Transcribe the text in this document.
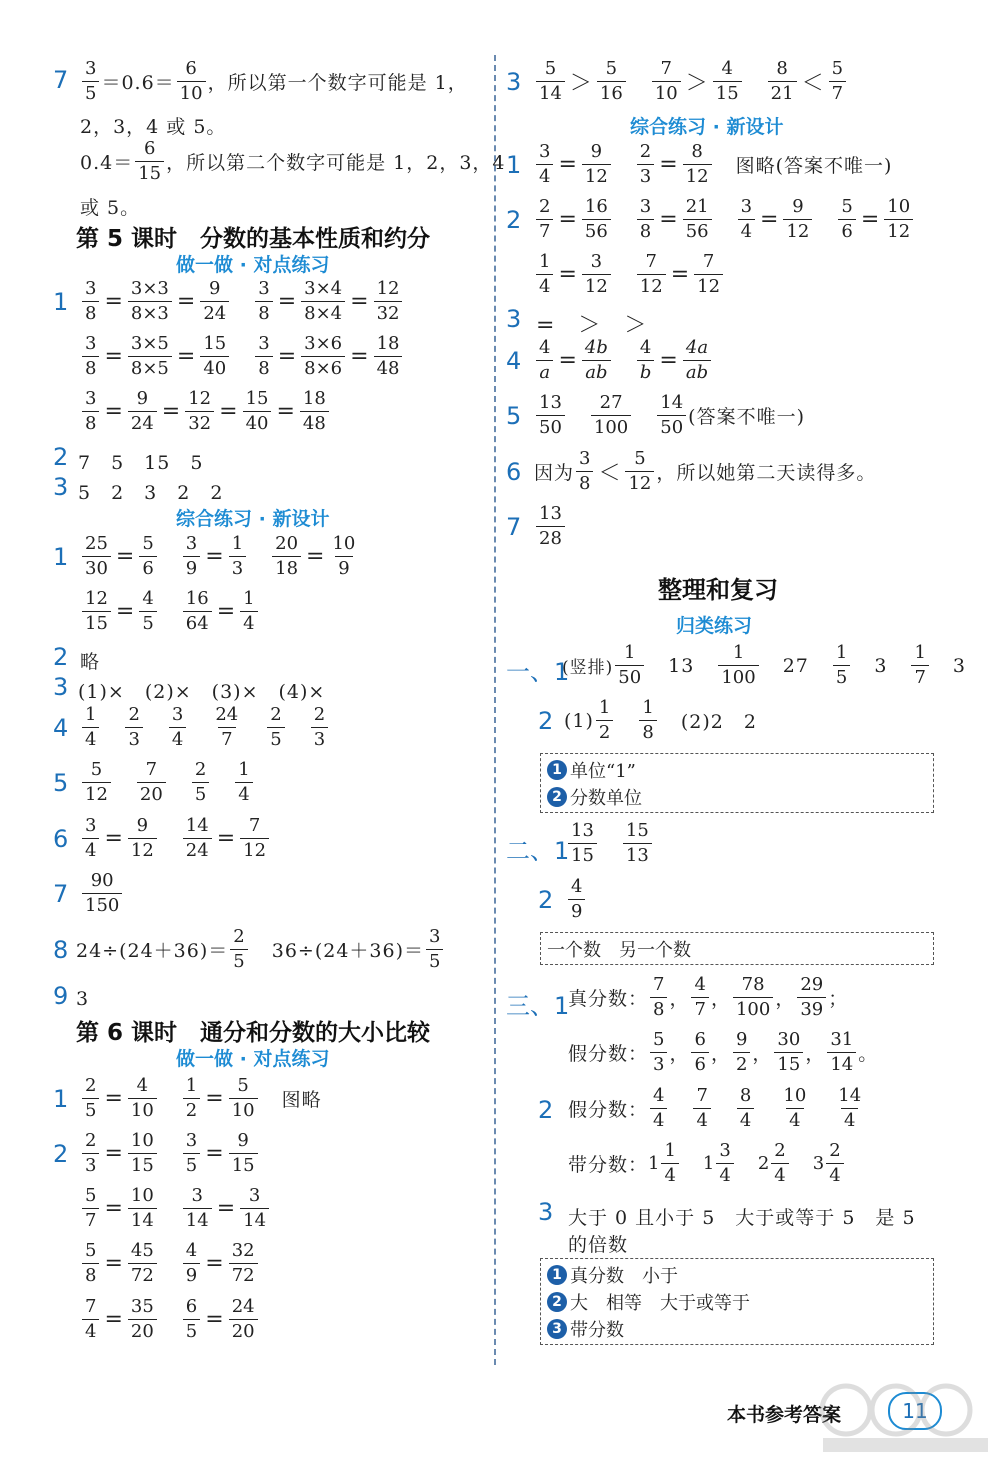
$7 \frac{3}{5} =0.6= \frac{6}{10}$ ，所以第一个数字可能是 1，
2，3，4 或 5。
$0.4= \frac{6}{15}$ ，所以第二个数字可能是 1，2，3，4
或 5。
第 5 课时　分数的基本性质和约分
做一做 · 对点练习
$1 \frac{3}{8} = \frac{3\times 3}{8\times 3} = \frac{9}{24} \frac{3}{8} = \frac{3\times 4}{8\times 4} = \frac{12}{32}$
$\frac{3}{8} = \frac{3\times 5}{8\times 5} = \frac{15}{40} \frac{3}{8} = \frac{3\times 6}{8\times 6} = \frac{18}{48}$
$\frac{3}{8} = \frac{9}{24} = \frac{12}{32} = \frac{15}{40} = \frac{18}{48}$
2 7　5　15　5
3 5　2　3　2　2
综合练习 · 新设计
$1 \frac{25}{30} = \frac{5}{6} \frac{3}{9} = \frac{1}{3} \frac{20}{18} = \frac{10}{9}$
$\frac{12}{15} = \frac{4}{5} \frac{16}{64} = \frac{1}{4}$
2 略
3 (1)×　(2)×　(3)×　(4)×
$4 \frac{1}{4} \frac{2}{3} \frac{3}{4} \frac{24}{7} \frac{2}{5} \frac{2}{3}$
$5 \frac{5}{12} \frac{7}{20} \frac{2}{5} \frac{1}{4}$
$6 \frac{3}{4} = \frac{9}{12} \frac{14}{24} = \frac{7}{12}$
$7 \frac{90}{150}$
8 $24\div(24+36)= \frac{2}{5} 36\div(24+36)= \frac{3}{5}$
9 3
第 6 课时　通分和分数的大小比较
做一做 · 对点练习
$1 \frac{2}{5} = \frac{4}{10} \frac{1}{2} = \frac{5}{10}$ 图略
$2 \frac{2}{3} = \frac{10}{15} \frac{3}{5} = \frac{9}{15}$
$\frac{5}{7} = \frac{10}{14} \frac{3}{14} = \frac{3}{14}$
$\frac{5}{8} = \frac{45}{72} \frac{4}{9} = \frac{32}{72}$
$\frac{7}{4} = \frac{35}{20} \frac{6}{5} = \frac{24}{20}$
$3 \frac{5}{14} > \frac{5}{16} \frac{7}{10} > \frac{4}{15} \frac{8}{21} < \frac{5}{7}$
综合练习 · 新设计
$1 \frac{3}{4} = \frac{9}{12} \frac{2}{3} = \frac{8}{12}$ 图略(答案不唯一)
$2 \frac{2}{7} = \frac{16}{56} \frac{3}{8} = \frac{21}{56} \frac{3}{4} = \frac{9}{12} \frac{5}{6} = \frac{10}{12}$
$\frac{1}{4} = \frac{3}{12} \frac{7}{12} = \frac{7}{12}$
3 =　＞　＞
$4 \frac{4}{a} = \frac{4b}{ab} \frac{4}{b} = \frac{4a}{ab}$
$5 \frac{13}{50} \frac{27}{100} \frac{14}{50}$ (答案不唯一)
6 因为 $\frac{3}{8} < \frac{5}{12}$ ，所以她第二天读得多。
$7 \frac{13}{28}$
整理和复习
归类练习
一、1
(竖排) $\frac{1}{50} 13 \frac{1}{100} 27 \frac{1}{5} 3 \frac{1}{7} 3$
2 $(1) \frac{1}{2} \frac{1}{8} (2)2$　2
1 单位“1”
2 分数单位
二、1
$\frac{13}{15} \frac{15}{13}$
$2 \frac{4}{9}$
一个数　另一个数
三、1
真分数： $\frac{7}{8}$ ， $\frac{4}{7}$ ， $\frac{78}{100}$ ， $\frac{29}{39}$ ；
假分数： $\frac{5}{3}$ ， $\frac{6}{6}$ ， $\frac{9}{2}$ ， $\frac{30}{15}$ ， $\frac{31}{14}$ 。
2 假分数： $\frac{4}{4} \frac{7}{4} \frac{8}{4} \frac{10}{4} \frac{14}{4}$
带分数： $1 \frac{1}{4} 1 \frac{3}{4} 2 \frac{2}{4} 3 \frac{2}{4}$
3 大于 0 且小于 5　大于或等于 5　是 5
的倍数
1 真分数　小于
2 大　相等　大于或等于
3 带分数
本书参考答案	11
